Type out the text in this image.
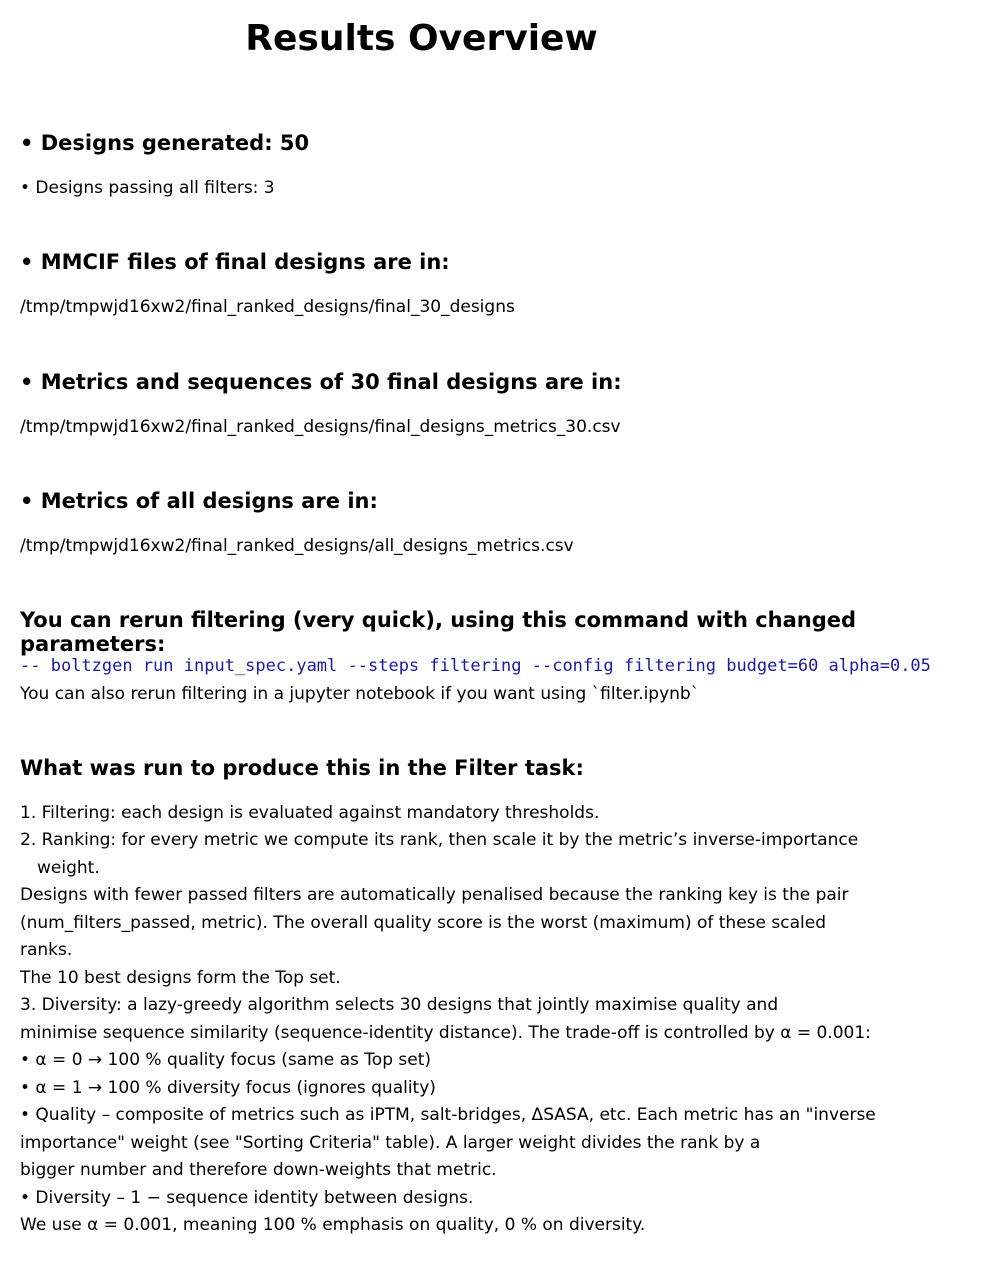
Results Overview
• Designs generated: 50

• Designs passing all filters: 3

• MMCIF files of final designs are in:

/tmp/tmpwjd16xw2/final_ranked_designs/final_30_designs

• Metrics and sequences of 30 final designs are in:

/tmp/tmpwjd16xw2/final_ranked_designs/final_designs_metrics_30.csv

• Metrics of all designs are in:

/tmp/tmpwjd16xw2/final_ranked_designs/all_designs_metrics.csv

You can rerun filtering (very quick), using this command with changed
parameters:
-- boltzgen run input_spec.yaml --steps filtering --config filtering budget=60 alpha=0.05

You can also rerun filtering in a jupyter notebook if you want using `filter.ipynb`

What was run to produce this in the Filter task:

1. Filtering: each design is evaluated against mandatory thresholds.

2. Ranking: for every metric we compute its rank, then scale it by the metric’s inverse-importance

weight.

Designs with fewer passed filters are automatically penalised because the ranking key is the pair

(num_filters_passed, metric). The overall quality score is the worst (maximum) of these scaled

ranks.

The 10 best designs form the Top set.

3. Diversity: a lazy-greedy algorithm selects 30 designs that jointly maximise quality and

minimise sequence similarity (sequence-identity distance). The trade-off is controlled by α = 0.001:

• α = 0 → 100 % quality focus (same as Top set)

• α = 1 → 100 % diversity focus (ignores quality)

• Quality – composite of metrics such as iPTM, salt-bridges, ΔSASA, etc. Each metric has an "inverse

importance" weight (see "Sorting Criteria" table). A larger weight divides the rank by a

bigger number and therefore down-weights that metric.

• Diversity – 1 − sequence identity between designs.

We use α = 0.001, meaning 100 % emphasis on quality, 0 % on diversity.
